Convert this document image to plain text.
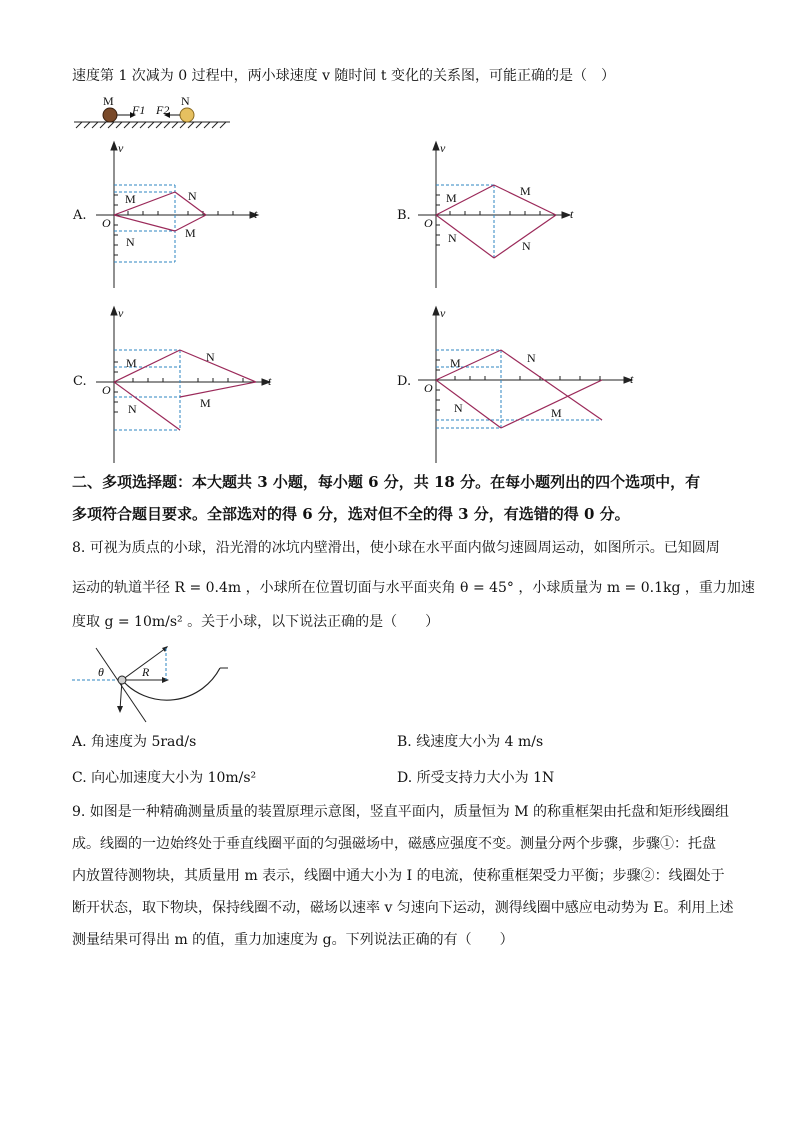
速度第 1 次减为 0 过程中，两小球速度 v 随时间 t 变化的关系图，可能正确的是（　）
M	N
F1 F2
A.
v
t
O
M	N
N
M
B.
v
t
O
M	M
N
N
C.
v
t
O
M	N
N	M
D.
v
t
O
M	N
N	M
二、多项选择题：本大题共 3 小题，每小题 6 分，共 18 分。在每小题列出的四个选项中，有
多项符合题目要求。全部选对的得 6 分，选对但不全的得 3 分，有选错的得 0 分。
8. 可视为质点的小球，沿光滑的冰坑内壁滑出，使小球在水平面内做匀速圆周运动，如图所示。已知圆周
运动的轨道半径 R = 0.4m ，小球所在位置切面与水平面夹角 θ = 45° ，小球质量为 m = 0.1kg ，重力加速
度取 g = 10m/s² 。关于小球，以下说法正确的是（　　）
θ	R
A. 角速度为 5rad/s	B. 线速度大小为 4 m/s
C. 向心加速度大小为 10m/s²	D. 所受支持力大小为 1N
9. 如图是一种精确测量质量的装置原理示意图，竖直平面内，质量恒为 M 的称重框架由托盘和矩形线圈组
成。线圈的一边始终处于垂直线圈平面的匀强磁场中，磁感应强度不变。测量分两个步骤，步骤①：托盘
内放置待测物块，其质量用 m 表示，线圈中通大小为 I 的电流，使称重框架受力平衡；步骤②：线圈处于
断开状态，取下物块，保持线圈不动，磁场以速率 v 匀速向下运动，测得线圈中感应电动势为 E。利用上述
测量结果可得出 m 的值，重力加速度为 g。下列说法正确的有（　　）
